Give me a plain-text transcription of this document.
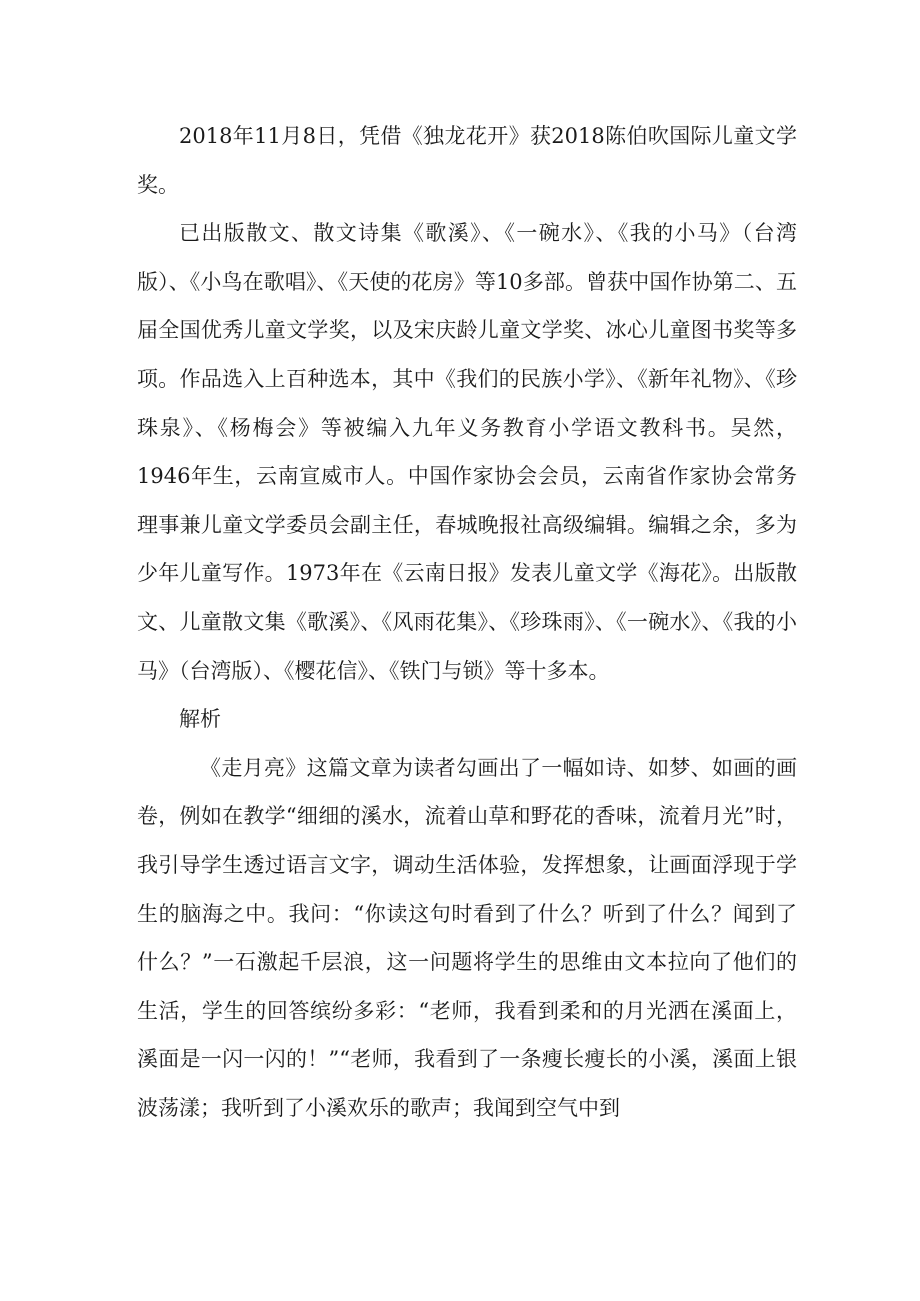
2018年11月8日，凭借《独龙花开》获2018陈伯吹国际儿童文学奖。

已出版散文、散文诗集《歌溪》、《一碗水》、《我的小马》（台湾版）、《小鸟在歌唱》、《天使的花房》等10多部。曾获中国作协第二、五届全国优秀儿童文学奖，以及宋庆龄儿童文学奖、冰心儿童图书奖等多项。作品选入上百种选本，其中《我们的民族小学》、《新年礼物》、《珍珠泉》、《杨梅会》等被编入九年义务教育小学语文教科书。吴然，1946年生，云南宣威市人。中国作家协会会员，云南省作家协会常务理事兼儿童文学委员会副主任，春城晚报社高级编辑。编辑之余，多为少年儿童写作。1973年在《云南日报》发表儿童文学《海花》。出版散文、儿童散文集《歌溪》、《风雨花集》、《珍珠雨》、《一碗水》、《我的小马》（台湾版）、《樱花信》、《铁门与锁》等十多本。

解析

《走月亮》这篇文章为读者勾画出了一幅如诗、如梦、如画的画卷，例如在教学“细细的溪水，流着山草和野花的香味，流着月光”时，我引导学生透过语言文字，调动生活体验，发挥想象，让画面浮现于学生的脑海之中。我问：“你读这句时看到了什么？听到了什么？闻到了什么？”一石激起千层浪，这一问题将学生的思维由文本拉向了他们的生活，学生的回答缤纷多彩：“老师，我看到柔和的月光洒在溪面上，溪面是一闪一闪的！”“老师，我看到了一条瘦长瘦长的小溪，溪面上银波荡漾；我听到了小溪欢乐的歌声；我闻到空气中到
